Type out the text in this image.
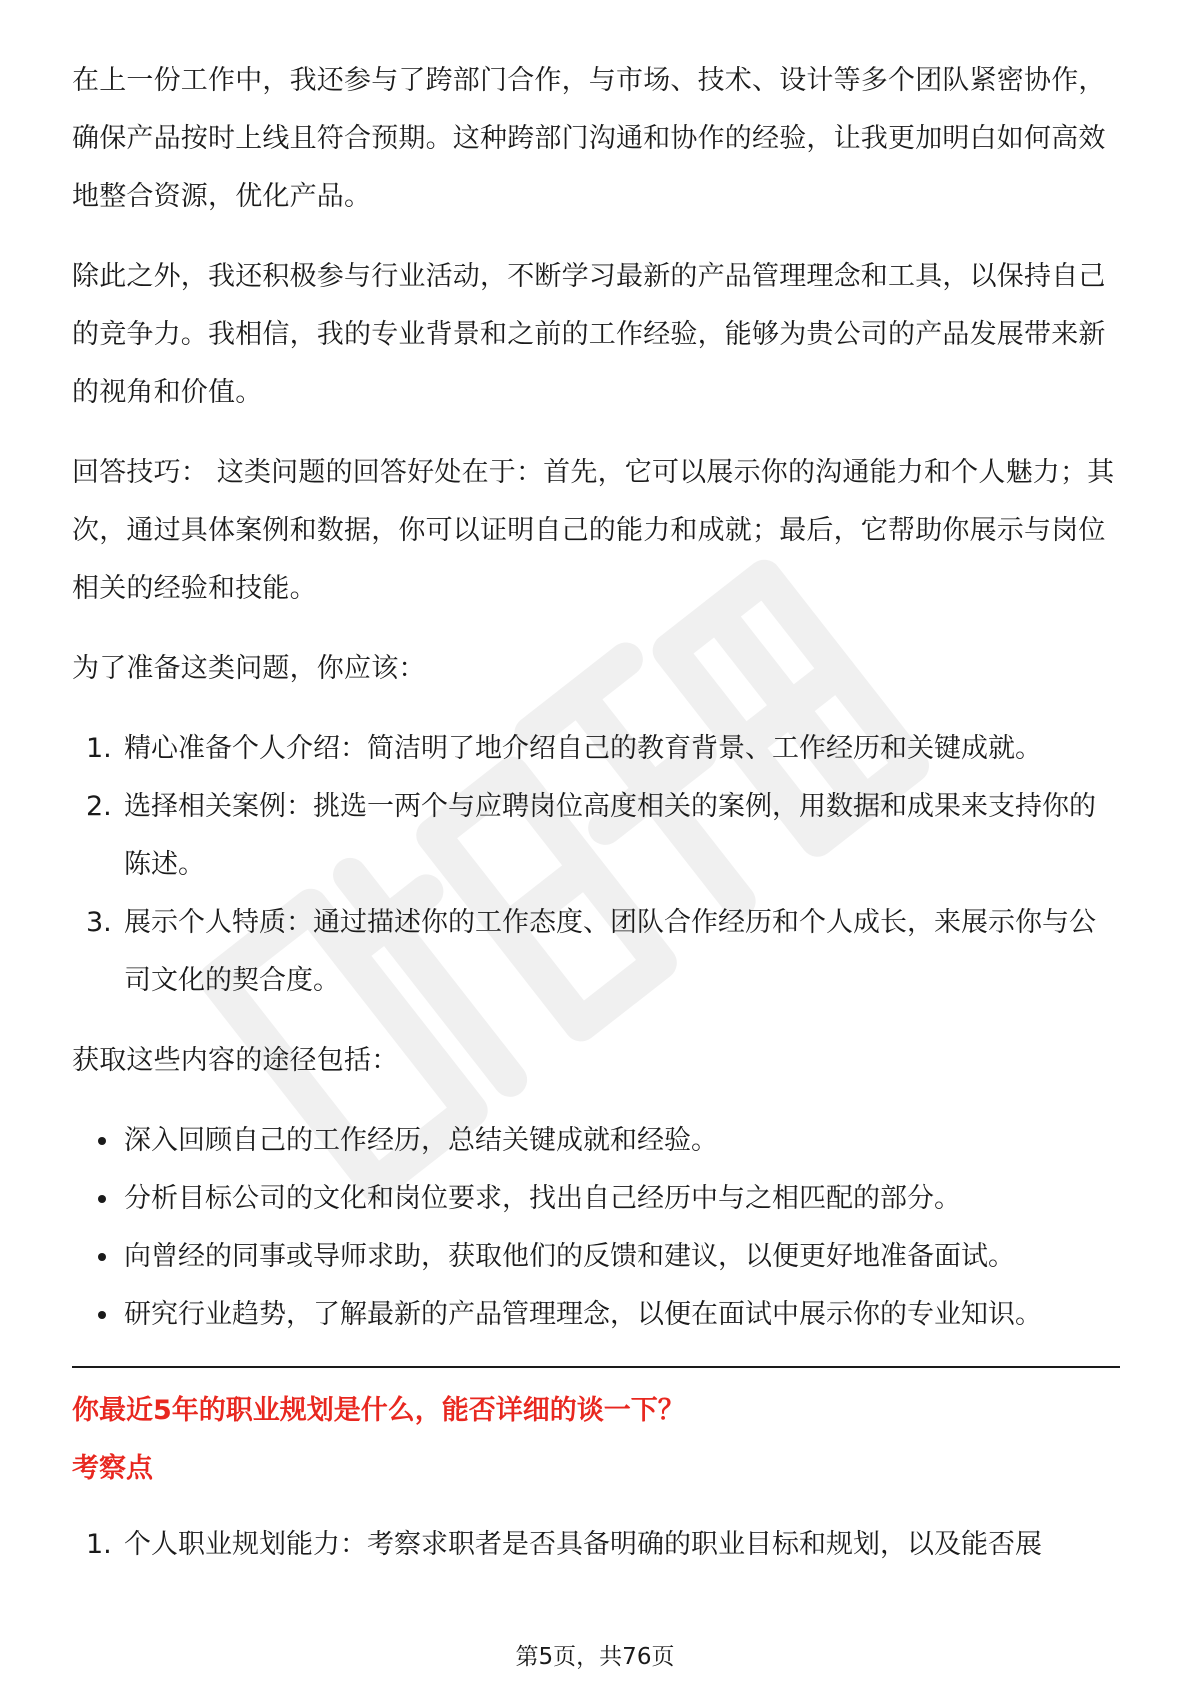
在上一份工作中，我还参与了跨部门合作，与市场、技术、设计等多个团队紧密协作，确保产品按时上线且符合预期。这种跨部门沟通和协作的经验，让我更加明白如何高效地整合资源，优化产品。

除此之外，我还积极参与行业活动，不断学习最新的产品管理理念和工具，以保持自己的竞争力。我相信，我的专业背景和之前的工作经验，能够为贵公司的产品发展带来新的视角和价值。

回答技巧： 这类问题的回答好处在于：首先，它可以展示你的沟通能力和个人魅力；其次，通过具体案例和数据，你可以证明自己的能力和成就；最后，它帮助你展示与岗位相关的经验和技能。

为了准备这类问题，你应该：

1. 精心准备个人介绍：简洁明了地介绍自己的教育背景、工作经历和关键成就。
2. 选择相关案例：挑选一两个与应聘岗位高度相关的案例，用数据和成果来支持你的陈述。
3. 展示个人特质：通过描述你的工作态度、团队合作经历和个人成长，来展示你与公司文化的契合度。

获取这些内容的途径包括：

深入回顾自己的工作经历，总结关键成就和经验。
分析目标公司的文化和岗位要求，找出自己经历中与之相匹配的部分。
向曾经的同事或导师求助，获取他们的反馈和建议，以便更好地准备面试。
研究行业趋势，了解最新的产品管理理念，以便在面试中展示你的专业知识。
你最近5年的职业规划是什么，能否详细的谈一下？
考察点
1. 个人职业规划能力：考察求职者是否具备明确的职业目标和规划，以及能否展
第5页，共76页
